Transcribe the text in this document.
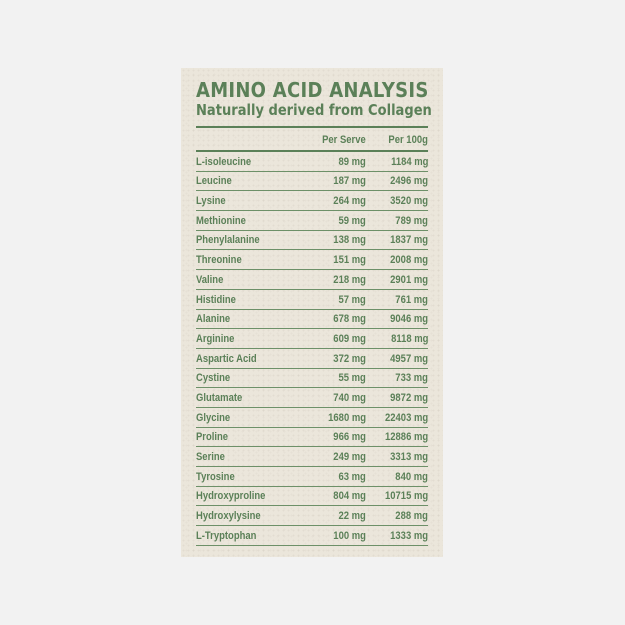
AMINO ACID ANALYSIS
Naturally derived from Collagen
Per Serve Per 100g
L-isoleucine	89 mg 1184 mg
Leucine	187 mg 2496 mg
Lysine	264 mg 3520 mg
Methionine	59 mg	789 mg
Phenylalanine	138 mg 1837 mg
Threonine	151 mg 2008 mg
Valine	218 mg 2901 mg
Histidine	57 mg	761 mg
Alanine	678 mg 9046 mg
Arginine	609 mg 8118 mg
Aspartic Acid	372 mg 4957 mg
Cystine	55 mg	733 mg
Glutamate	740 mg 9872 mg
Glycine	1680 mg 22403 mg
Proline	966 mg 12886 mg
Serine	249 mg 3313 mg
Tyrosine	63 mg	840 mg
Hydroxyproline	804 mg 10715 mg
Hydroxylysine	22 mg	288 mg
L-Tryptophan	100 mg 1333 mg
